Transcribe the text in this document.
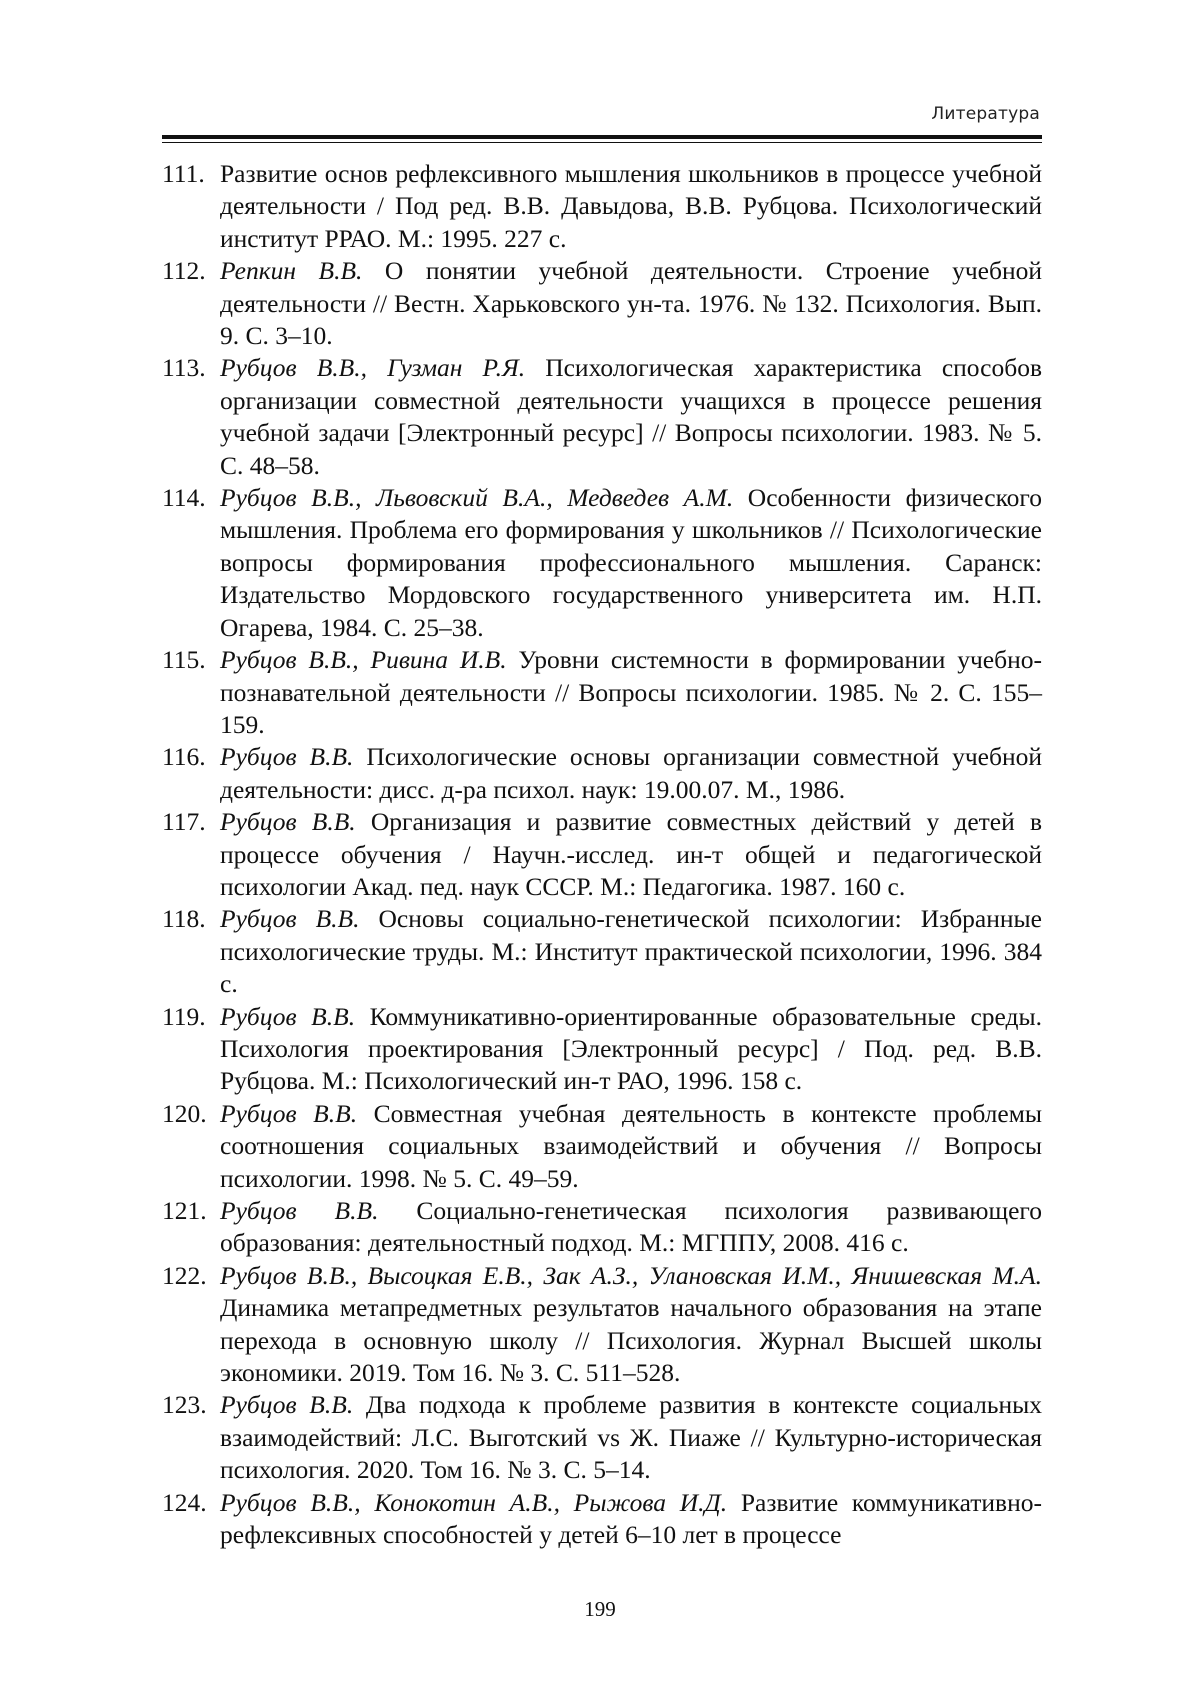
Литература
111. Развитие основ рефлексивного мышления школьников в процессе учебной деятельности / Под ред. В.В. Давыдова, В.В. Рубцова. Психологический институт РРАО. М.: 1995. 227 с.
112. Репкин В.В. О понятии учебной деятельности. Строение учебной деятельности // Вестн. Харьковского ун-та. 1976. № 132. Психология. Вып. 9. С. 3–10.
113. Рубцов В.В., Гузман Р.Я. Психологическая характеристика способов организации совместной деятельности учащихся в процессе решения учебной задачи [Электронный ресурс] // Вопросы психологии. 1983. № 5. С. 48–58.
114. Рубцов В.В., Львовский В.А., Медведев А.М. Особенности физического мышления. Проблема его формирования у школьников // Психологические вопросы формирования профессионального мышления. Саранск: Издательство Мордовского государственного университета им. Н.П. Огарева, 1984. С. 25–38.
115. Рубцов В.В., Ривина И.В. Уровни системности в формировании учебно-познавательной деятельности // Вопросы психологии. 1985. № 2. С. 155–159.
116. Рубцов В.В. Психологические основы организации совместной учебной деятельности: дисс. д-ра психол. наук: 19.00.07. М., 1986.
117. Рубцов В.В. Организация и развитие совместных действий у детей в процессе обучения / Научн.-исслед. ин-т общей и педагогической психологии Акад. пед. наук СССР. М.: Педагогика. 1987. 160 с.
118. Рубцов В.В. Основы социально-генетической психологии: Избранные психологические труды. М.: Институт практической психологии, 1996. 384 с.
119. Рубцов В.В. Коммуникативно-ориентированные образовательные среды. Психология проектирования [Электронный ресурс] / Под. ред. В.В. Рубцова. М.: Психологический ин-т РАО, 1996. 158 с.
120. Рубцов В.В. Совместная учебная деятельность в контексте проблемы соотношения социальных взаимодействий и обучения // Вопросы психологии. 1998. № 5. С. 49–59.
121. Рубцов В.В. Социально-генетическая психология развивающего образования: деятельностный подход. М.: МГППУ, 2008. 416 с.
122. Рубцов В.В., Высоцкая Е.В., Зак А.З., Улановская И.М., Янишевская М.А. Динамика метапредметных результатов начального образования на этапе перехода в основную школу // Психология. Журнал Высшей школы экономики. 2019. Том 16. № 3. С. 511–528.
123. Рубцов В.В. Два подхода к проблеме развития в контексте социальных взаимодействий: Л.С. Выготский vs Ж. Пиаже // Культурно-историческая психология. 2020. Том 16. № 3. С. 5–14.
124. Рубцов В.В., Конокотин А.В., Рыжова И.Д. Развитие коммуникативно-рефлексивных способностей у детей 6–10 лет в процессе
199
